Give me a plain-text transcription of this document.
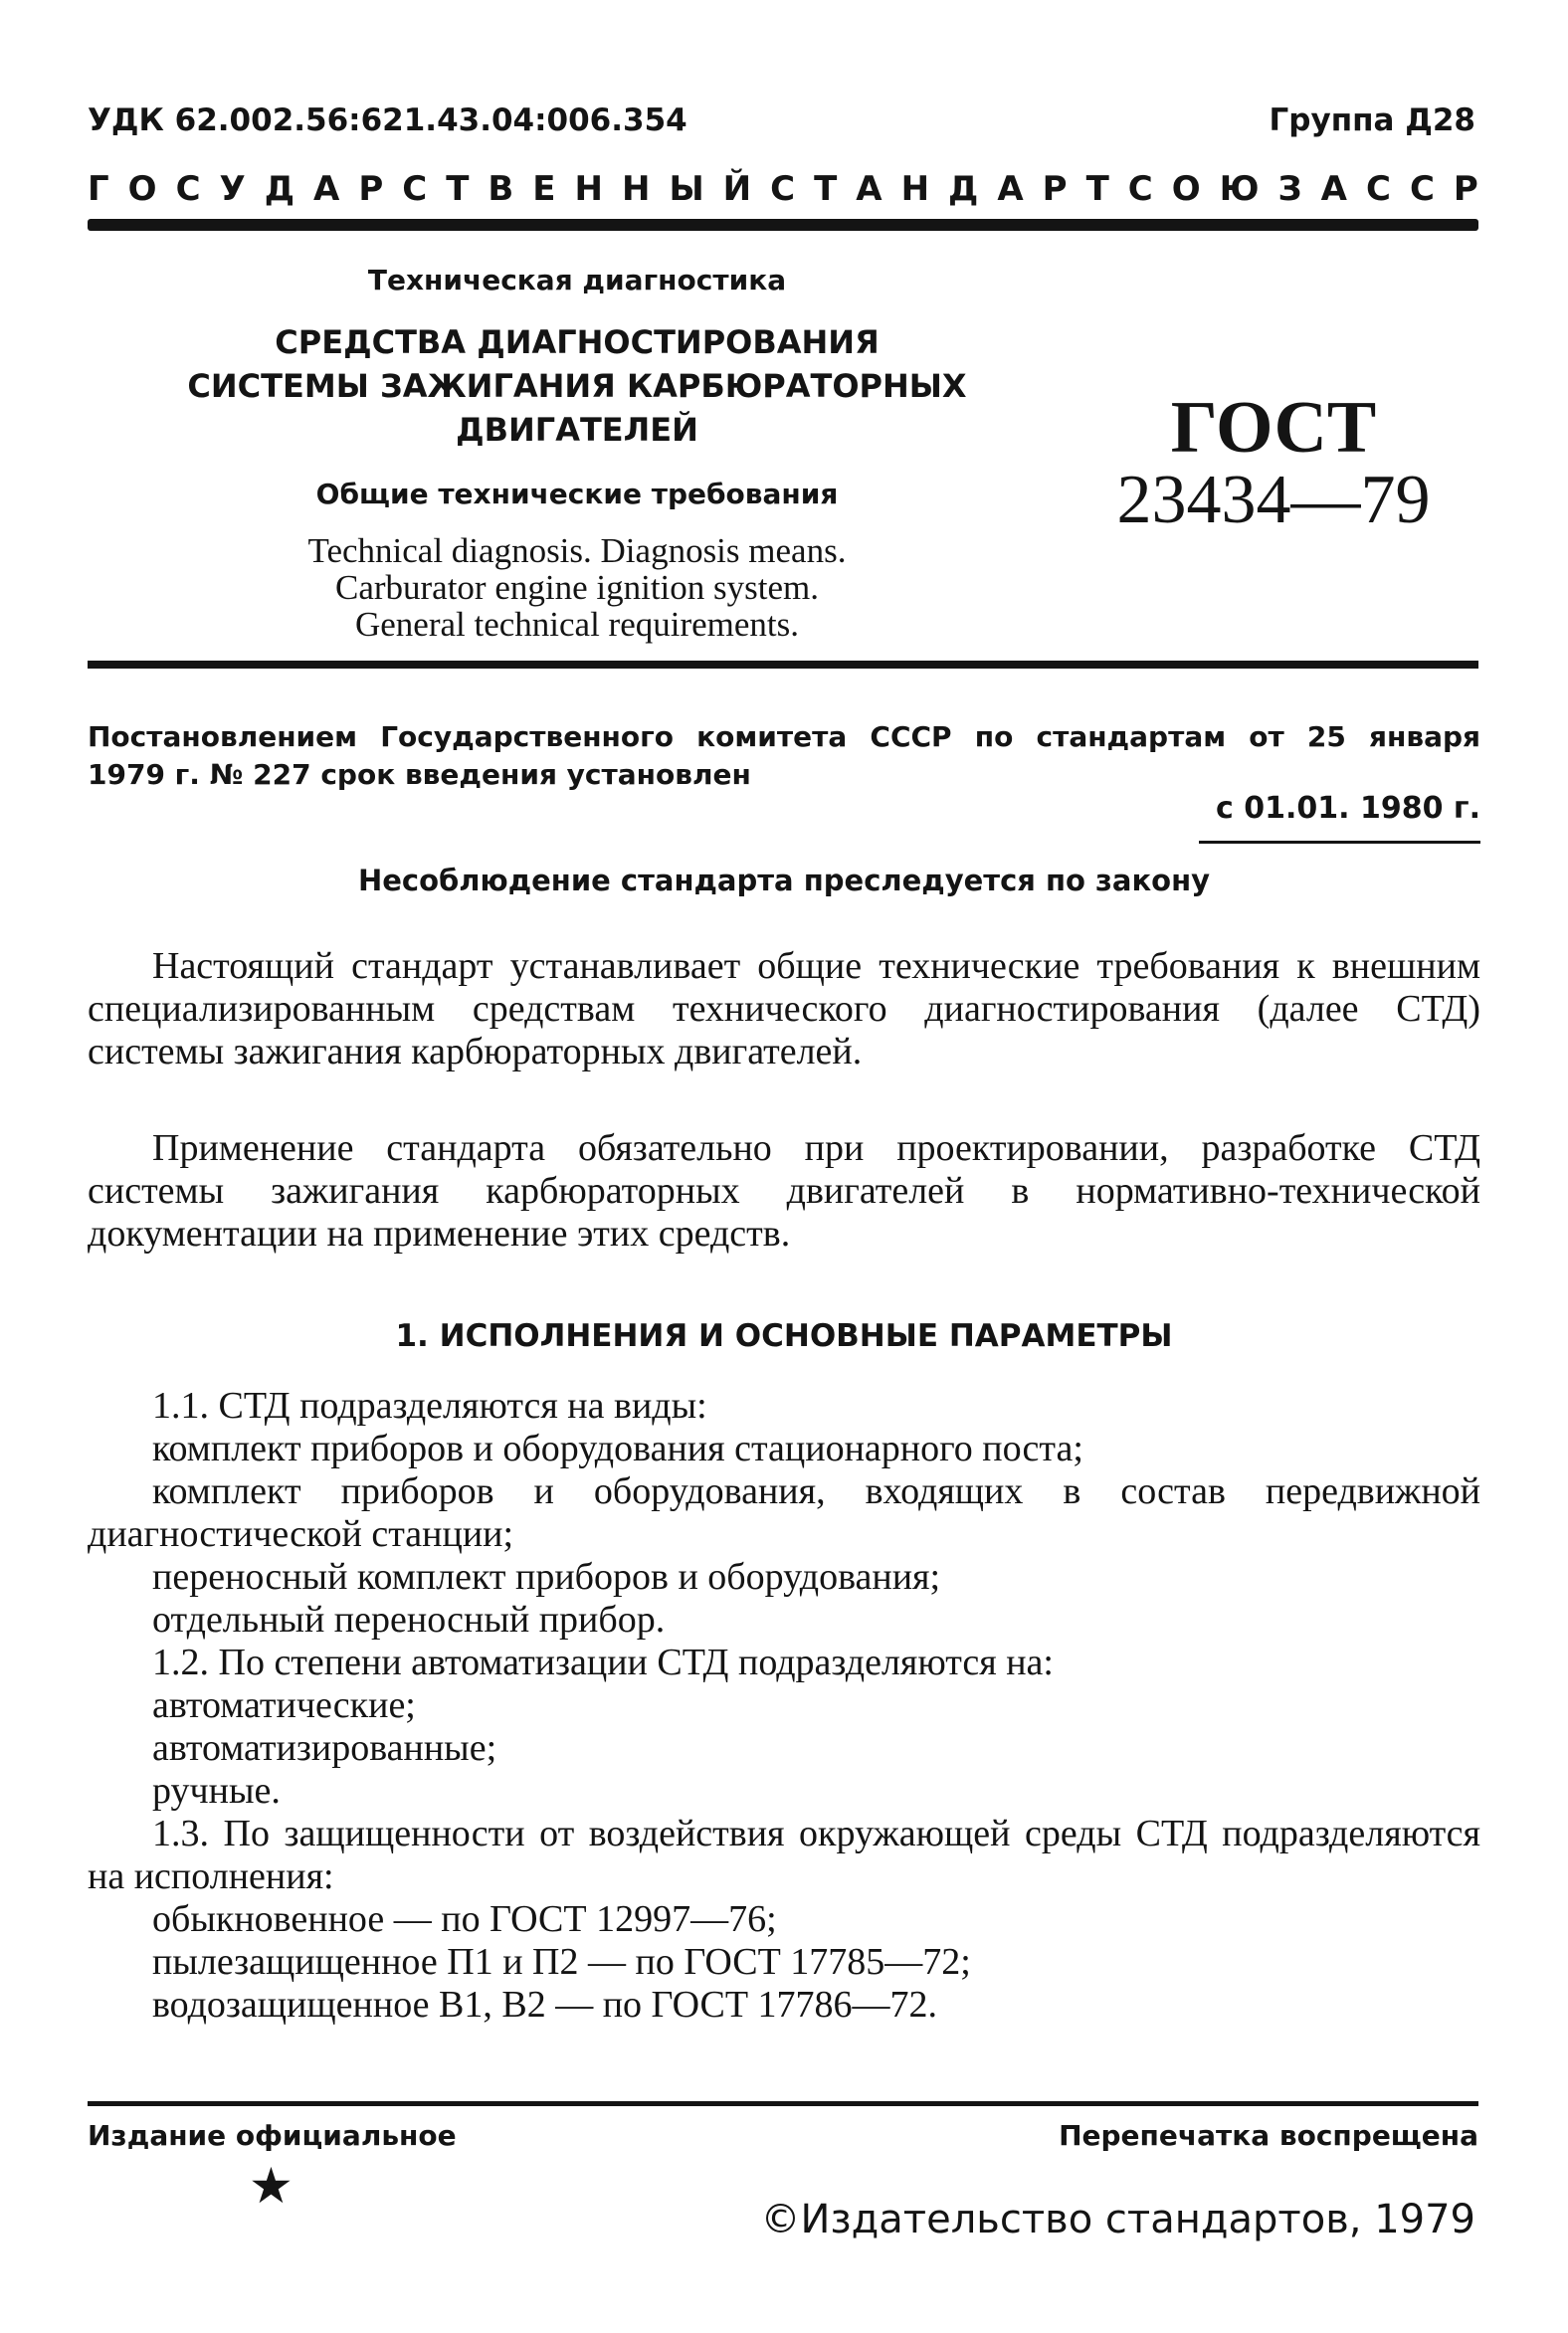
УДК 62.002.56:621.43.04:006.354	Группа Д28
ГОСУДАРСТВЕННЫЙ СТАНДАРТ СОЮЗА ССР
Техническая диагностика
СРЕДСТВА ДИАГНОСТИРОВАНИЯ
СИСТЕМЫ ЗАЖИГАНИЯ КАРБЮРАТОРНЫХ
ДВИГАТЕЛЕЙ
Общие технические требования
Technical diagnosis. Diagnosis means.
Carburator engine ignition system.
General technical requirements.
ГОСТ
23434—79
Постановлением Государственного комитета СССР по стандартам от 25 января
1979 г. № 227 срок введения установлен
с 01.01. 1980 г.
Несоблюдение стандарта преследуется по закону
Настоящий стандарт устанавливает общие технические требования к внешним специализированным средствам технического диагностирования (далее СТД) системы зажигания карбюраторных двигателей.
Применение стандарта обязательно при проектировании, разработке СТД системы зажигания карбюраторных двигателей в нормативно-технической документации на применение этих средств.
1. ИСПОЛНЕНИЯ И ОСНОВНЫЕ ПАРАМЕТРЫ
1.1. СТД подразделяются на виды:
комплект приборов и оборудования стационарного поста;
комплект приборов и оборудования, входящих в состав передвижной диагностической станции;
переносный комплект приборов и оборудования;
отдельный переносный прибор.
1.2. По степени автоматизации СТД подразделяются на:
автоматические;
автоматизированные;
ручные.
1.3. По защищенности от воздействия окружающей среды СТД подразделяются на исполнения:
обыкновенное — по ГОСТ 12997—76;
пылезащищенное П1 и П2 — по ГОСТ 17785—72;
водозащищенное В1, В2 — по ГОСТ 17786—72.
Издание официальное	Перепечатка воспрещена
★
©Издательство стандартов, 1979
